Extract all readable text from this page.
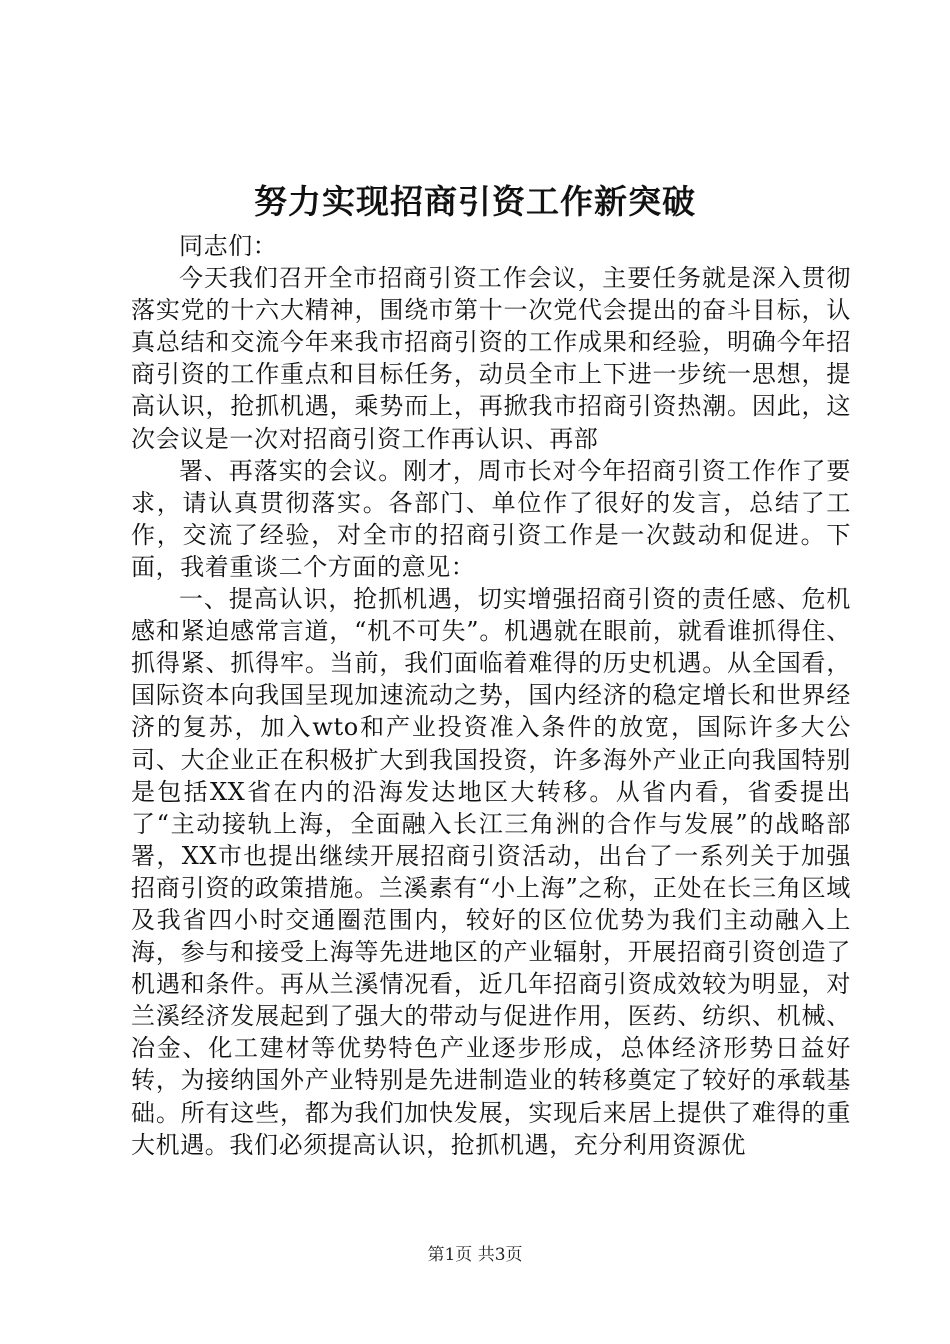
努力实现招商引资工作新突破

同志们：

今天我们召开全市招商引资工作会议，主要任务就是深入贯彻落实党的十六大精神，围绕市第十一次党代会提出的奋斗目标，认真总结和交流今年来我市招商引资的工作成果和经验，明确今年招商引资的工作重点和目标任务，动员全市上下进一步统一思想，提高认识，抢抓机遇，乘势而上，再掀我市招商引资热潮。因此，这次会议是一次对招商引资工作再认识、再部

署、再落实的会议。刚才，周市长对今年招商引资工作作了要求，请认真贯彻落实。各部门、单位作了很好的发言，总结了工作，交流了经验，对全市的招商引资工作是一次鼓动和促进。下面，我着重谈二个方面的意见：

一、提高认识，抢抓机遇，切实增强招商引资的责任感、危机感和紧迫感常言道，“机不可失”。机遇就在眼前，就看谁抓得住、抓得紧、抓得牢。当前，我们面临着难得的历史机遇。从全国看，国际资本向我国呈现加速流动之势，国内经济的稳定增长和世界经济的复苏，加入wto和产业投资准入条件的放宽，国际许多大公司、大企业正在积极扩大到我国投资，许多海外产业正向我国特别是包括XX省在内的沿海发达地区大转移。从省内看，省委提出了“主动接轨上海，全面融入长江三角洲的合作与发展”的战略部署，XX市也提出继续开展招商引资活动，出台了一系列关于加强招商引资的政策措施。兰溪素有“小上海”之称，正处在长三角区域及我省四小时交通圈范围内，较好的区位优势为我们主动融入上海，参与和接受上海等先进地区的产业辐射，开展招商引资创造了机遇和条件。再从兰溪情况看，近几年招商引资成效较为明显，对兰溪经济发展起到了强大的带动与促进作用，医药、纺织、机械、冶金、化工建材等优势特色产业逐步形成，总体经济形势日益好转，为接纳国外产业特别是先进制造业的转移奠定了较好的承载基础。所有这些，都为我们加快发展，实现后来居上提供了难得的重大机遇。我们必须提高认识，抢抓机遇，充分利用资源优

第1页 共3页
